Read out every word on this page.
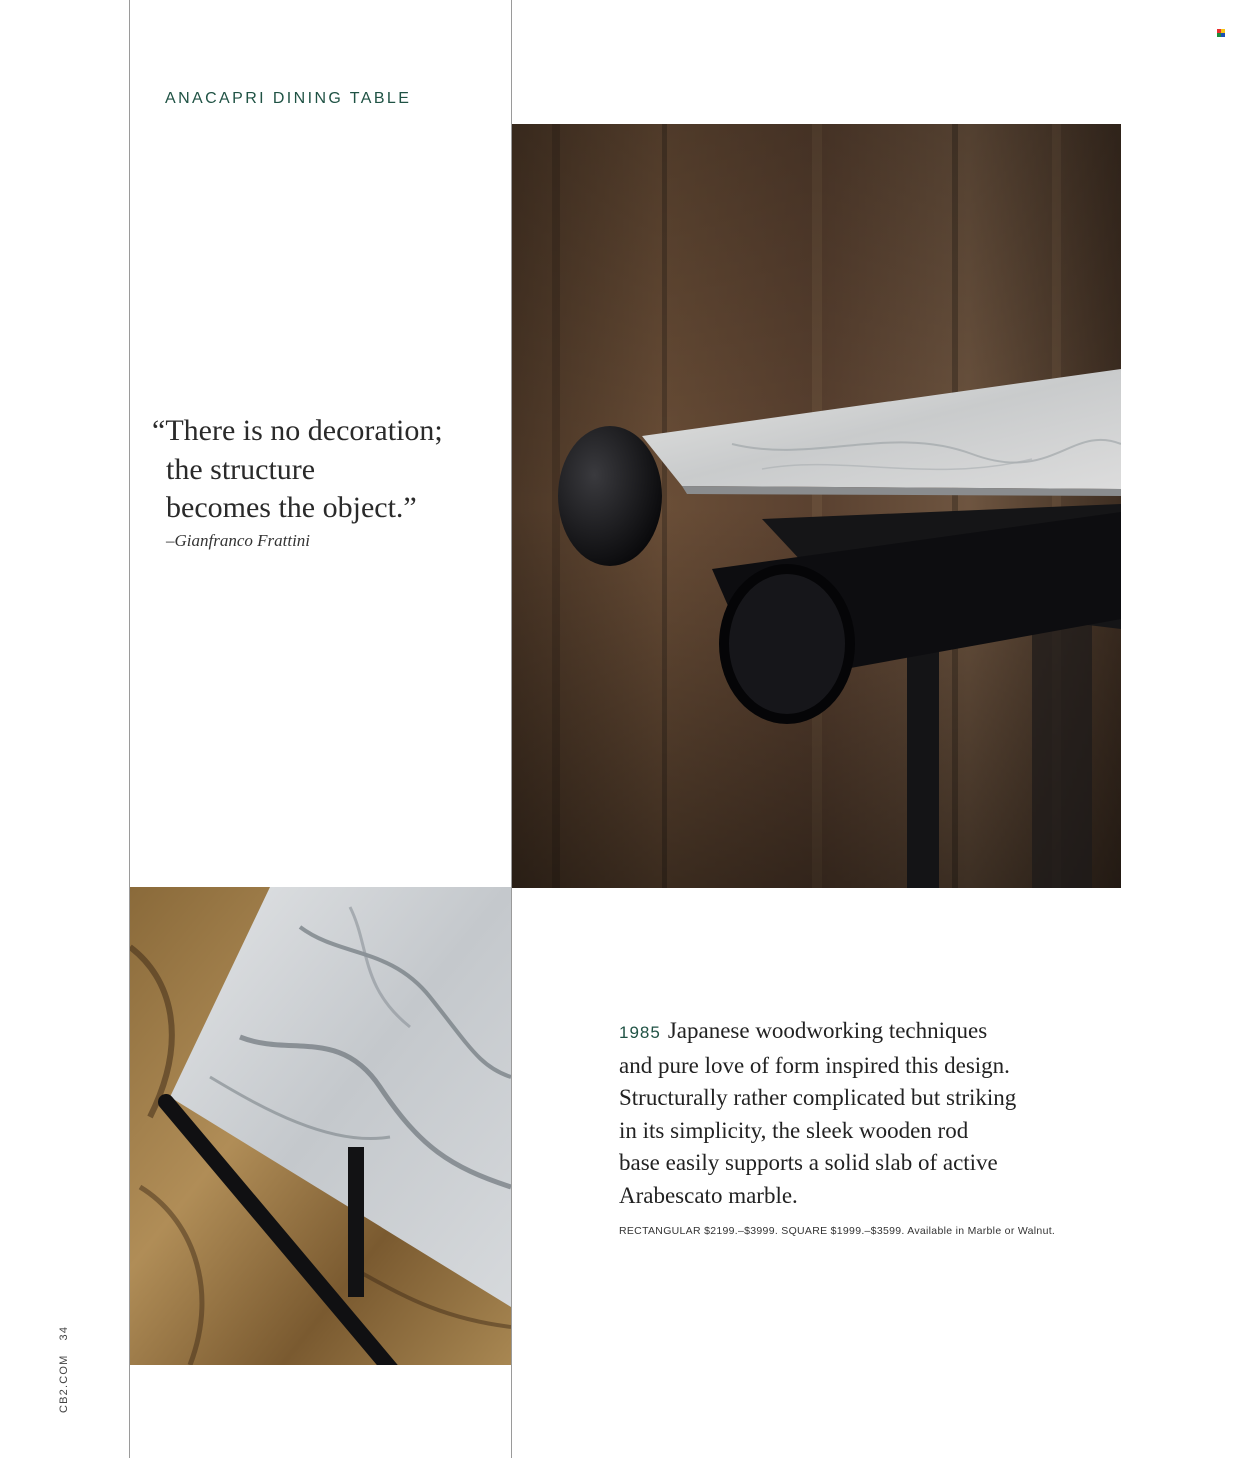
ANACAPRI DINING TABLE
“There is no decoration;
the structure
becomes the object.”
–Gianfranco Frattini
1985 Japanese woodworking techniques
and pure love of form inspired this design.
Structurally rather complicated but striking
in its simplicity, the sleek wooden rod
base easily supports a solid slab of active
Arabescato marble.
RECTANGULAR $2199.–$3999. SQUARE $1999.–$3599. Available in Marble or Walnut.
CB2.COM34
